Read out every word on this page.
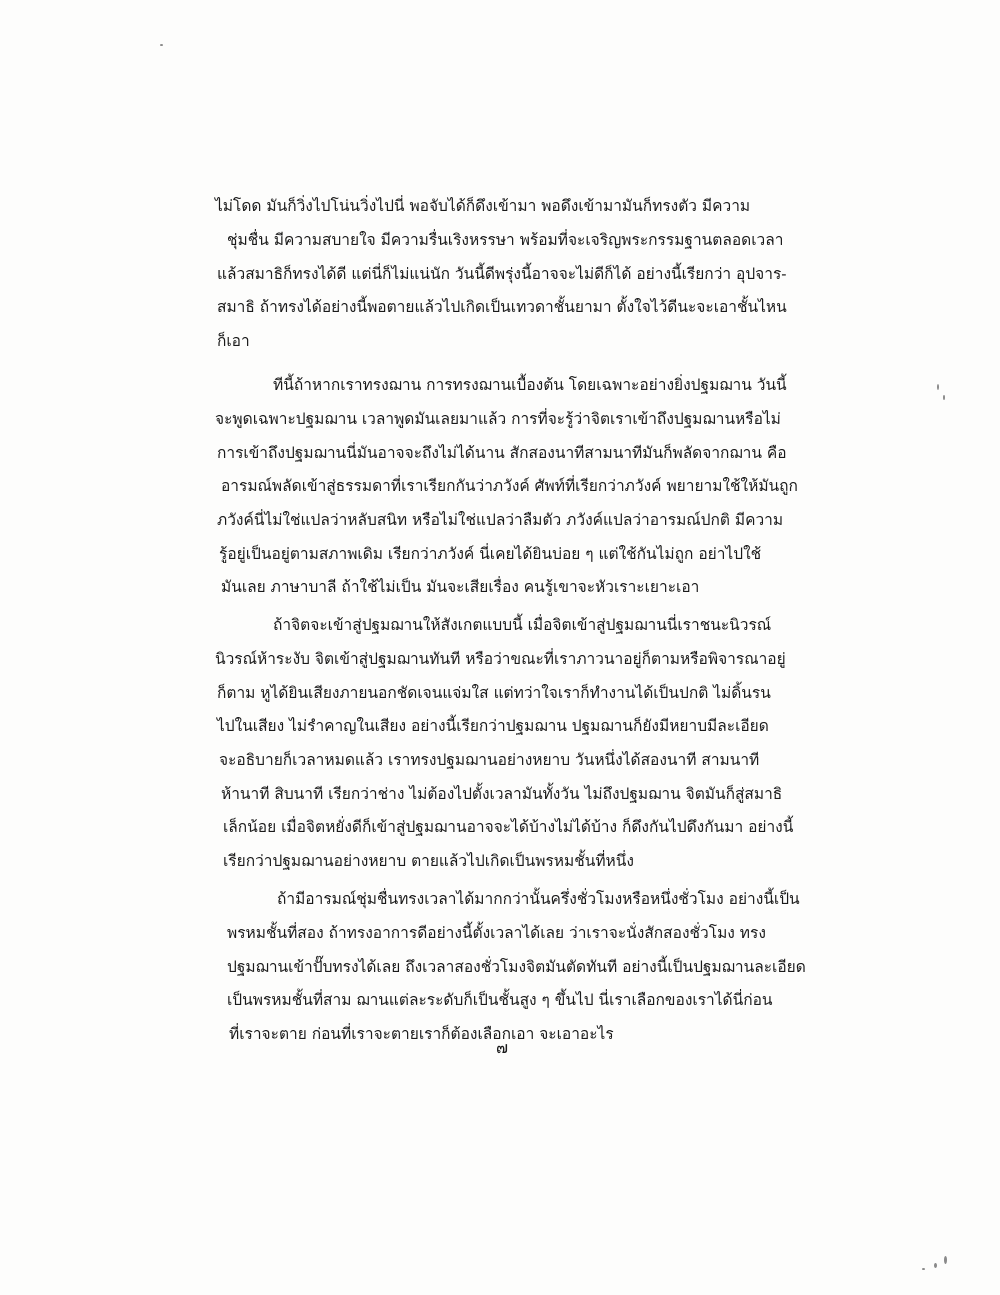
ไม่โดด มันก็วิ่งไปโน่นวิ่งไปนี่ พอจับได้ก็ดึงเข้ามา พอดึงเข้ามามันก็ทรงตัว มีความ
ชุ่มชื่น มีความสบายใจ มีความรื่นเริงหรรษา พร้อมที่จะเจริญพระกรรมฐานตลอดเวลา
แล้วสมาธิก็ทรงได้ดี แต่นี่ก็ไม่แน่นัก วันนี้ดีพรุ่งนี้อาจจะไม่ดีก็ได้ อย่างนี้เรียกว่า อุปจาร-
สมาธิ ถ้าทรงได้อย่างนี้พอตายแล้วไปเกิดเป็นเทวดาชั้นยามา ตั้งใจไว้ดีนะจะเอาชั้นไหน
ก็เอา
ทีนี้ถ้าหากเราทรงฌาน การทรงฌานเบื้องต้น โดยเฉพาะอย่างยิ่งปฐมฌาน วันนี้
จะพูดเฉพาะปฐมฌาน เวลาพูดมันเลยมาแล้ว การที่จะรู้ว่าจิตเราเข้าถึงปฐมฌานหรือไม่
การเข้าถึงปฐมฌานนี่มันอาจจะถึงไม่ได้นาน สักสองนาทีสามนาทีมันก็พลัดจากฌาน คือ
อารมณ์พลัดเข้าสู่ธรรมดาที่เราเรียกกันว่าภวังค์ ศัพท์ที่เรียกว่าภวังค์ พยายามใช้ให้มันถูก
ภวังค์นี่ไม่ใช่แปลว่าหลับสนิท หรือไม่ใช่แปลว่าลืมตัว ภวังค์แปลว่าอารมณ์ปกติ มีความ
รู้อยู่เป็นอยู่ตามสภาพเดิม เรียกว่าภวังค์ นี่เคยได้ยินบ่อย ๆ แต่ใช้กันไม่ถูก อย่าไปใช้
มันเลย ภาษาบาลี ถ้าใช้ไม่เป็น มันจะเสียเรื่อง คนรู้เขาจะหัวเราะเยาะเอา
ถ้าจิตจะเข้าสู่ปฐมฌานให้สังเกตแบบนี้ เมื่อจิตเข้าสู่ปฐมฌานนี่เราชนะนิวรณ์
นิวรณ์ห้าระงับ จิตเข้าสู่ปฐมฌานทันที หรือว่าขณะที่เราภาวนาอยู่ก็ตามหรือพิจารณาอยู่
ก็ตาม หูได้ยินเสียงภายนอกชัดเจนแจ่มใส แต่ทว่าใจเราก็ทำงานได้เป็นปกติ ไม่ดิ้นรน
ไปในเสียง ไม่รำคาญในเสียง อย่างนี้เรียกว่าปฐมฌาน ปฐมฌานก็ยังมีหยาบมีละเอียด
จะอธิบายก็เวลาหมดแล้ว เราทรงปฐมฌานอย่างหยาบ วันหนึ่งได้สองนาที สามนาที
ห้านาที สิบนาที เรียกว่าช่าง ไม่ต้องไปตั้งเวลามันทั้งวัน ไม่ถึงปฐมฌาน จิตมันก็สู่สมาธิ
เล็กน้อย เมื่อจิตหยั่งดีก็เข้าสู่ปฐมฌานอาจจะได้บ้างไม่ได้บ้าง ก็ดึงกันไปดึงกันมา อย่างนี้
เรียกว่าปฐมฌานอย่างหยาบ ตายแล้วไปเกิดเป็นพรหมชั้นที่หนึ่ง
ถ้ามีอารมณ์ชุ่มชื่นทรงเวลาได้มากกว่านั้นครึ่งชั่วโมงหรือหนึ่งชั่วโมง อย่างนี้เป็น
พรหมชั้นที่สอง ถ้าทรงอาการดีอย่างนี้ตั้งเวลาได้เลย ว่าเราจะนั่งสักสองชั่วโมง ทรง
ปฐมฌานเข้าปั๊บทรงได้เลย ถึงเวลาสองชั่วโมงจิตมันตัดทันที อย่างนี้เป็นปฐมฌานละเอียด
เป็นพรหมชั้นที่สาม ฌานแต่ละระดับก็เป็นชั้นสูง ๆ ขึ้นไป นี่เราเลือกของเราได้นี่ก่อน
ที่เราจะตาย ก่อนที่เราจะตายเราก็ต้องเลือกเอา จะเอาอะไร
๗
